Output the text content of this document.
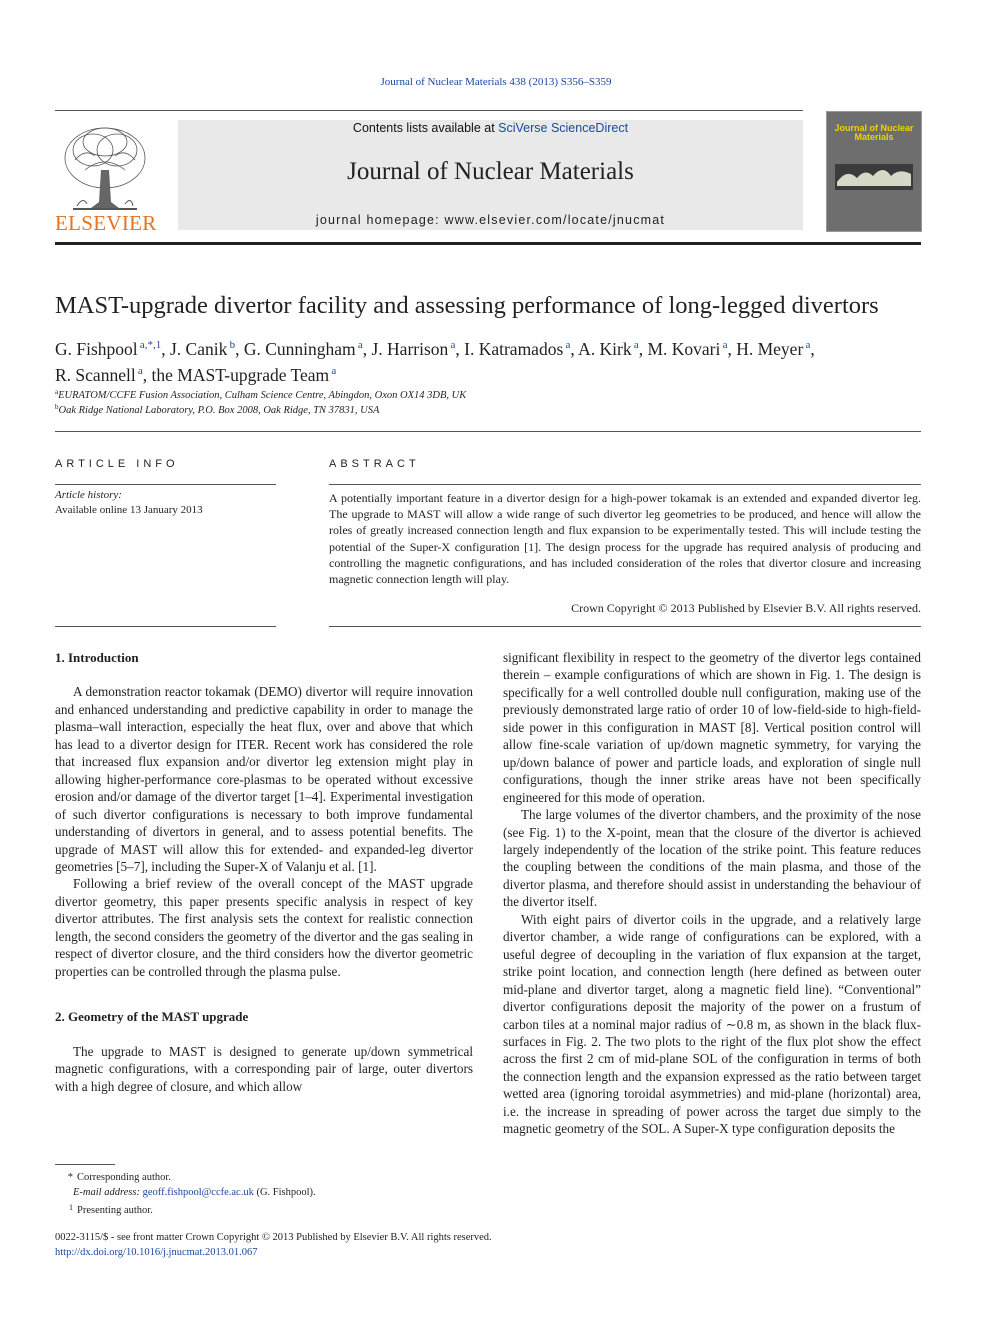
Journal of Nuclear Materials 438 (2013) S356–S359
ELSEVIER
Contents lists available at SciVerse ScienceDirect
Journal of Nuclear Materials
journal homepage: www.elsevier.com/locate/jnucmat
Journal of Nuclear Materials
MAST-upgrade divertor facility and assessing performance of long-legged divertors
G. Fishpool $^{a,*,1}$, J. Canik $^b$, G. Cunningham $^a$, J. Harrison $^a$, I. Katramados $^a$, A. Kirk $^a$, M. Kovari $^a$, H. Meyer $^a$,
R. Scannell $^a$, the MAST-upgrade Team $^a$
$^a$EURATOM/CCFE Fusion Association, Culham Science Centre, Abingdon, Oxon OX14 3DB, UK
$^b$Oak Ridge National Laboratory, P.O. Box 2008, Oak Ridge, TN 37831, USA
ARTICLE INFO
Article history:
Available online 13 January 2013
ABSTRACT
A potentially important feature in a divertor design for a high-power tokamak is an extended and expanded divertor leg. The upgrade to MAST will allow a wide range of such divertor leg geometries to be produced, and hence will allow the roles of greatly increased connection length and flux expansion to be experimentally tested. This will include testing the potential of the Super-X configuration [1]. The design process for the upgrade has required analysis of producing and controlling the magnetic configurations, and has included consideration of the roles that divertor closure and increasing magnetic connection length will play.
Crown Copyright © 2013 Published by Elsevier B.V. All rights reserved.
1. Introduction

A demonstration reactor tokamak (DEMO) divertor will require innovation and enhanced understanding and predictive capability in order to manage the plasma–wall interaction, especially the heat flux, over and above that which has lead to a divertor design for ITER. Recent work has considered the role that increased flux expansion and/or divertor leg extension might play in allowing higher-performance core-plasmas to be operated without excessive erosion and/or damage of the divertor target [1–4]. Experimental investigation of such divertor configurations is necessary to both improve fundamental understanding of divertors in general, and to assess potential benefits. The upgrade of MAST will allow this for extended- and expanded-leg divertor geometries [5–7], including the Super-X of Valanju et al. [1].

Following a brief review of the overall concept of the MAST upgrade divertor geometry, this paper presents specific analysis in respect of key divertor attributes. The first analysis sets the context for realistic connection length, the second considers the geometry of the divertor and the gas sealing in respect of divertor closure, and the third considers how the divertor geometric properties can be controlled through the plasma pulse.

2. Geometry of the MAST upgrade

The upgrade to MAST is designed to generate up/down symmetrical magnetic configurations, with a corresponding pair of large, outer divertors with a high degree of closure, and which allow

significant flexibility in respect to the geometry of the divertor legs contained therein – example configurations of which are shown in Fig. 1. The design is specifically for a well controlled double null configuration, making use of the previously demonstrated large ratio of order 10 of low-field-side to high-field-side power in this configuration in MAST [8]. Vertical position control will allow fine-scale variation of up/down magnetic symmetry, for varying the up/down balance of power and particle loads, and exploration of single null configurations, though the inner strike areas have not been specifically engineered for this mode of operation.

The large volumes of the divertor chambers, and the proximity of the nose (see Fig. 1) to the X-point, mean that the closure of the divertor is achieved largely independently of the location of the strike point. This feature reduces the coupling between the conditions of the main plasma, and those of the divertor plasma, and therefore should assist in understanding the behaviour of the divertor itself.

With eight pairs of divertor coils in the upgrade, and a relatively large divertor chamber, a wide range of configurations can be explored, with a useful degree of decoupling in the variation of flux expansion at the target, strike point location, and connection length (here defined as between outer mid-plane and divertor target, along a magnetic field line). “Conventional” divertor configurations deposit the majority of the power on a frustum of carbon tiles at a nominal major radius of ∼0.8 m, as shown in the black flux-surfaces in Fig. 2. The two plots to the right of the flux plot show the effect across the first 2 cm of mid-plane SOL of the configuration in terms of both the connection length and the expansion expressed as the ratio between target wetted area (ignoring toroidal asymmetries) and mid-plane (horizontal) area, i.e. the increase in spreading of power across the target due simply to the magnetic geometry of the SOL. A Super-X type configuration deposits the

* Corresponding author.
E-mail address: geoff.fishpool@ccfe.ac.uk (G. Fishpool).
1 Presenting author.
0022-3115/$ - see front matter Crown Copyright © 2013 Published by Elsevier B.V. All rights reserved.
http://dx.doi.org/10.1016/j.jnucmat.2013.01.067
